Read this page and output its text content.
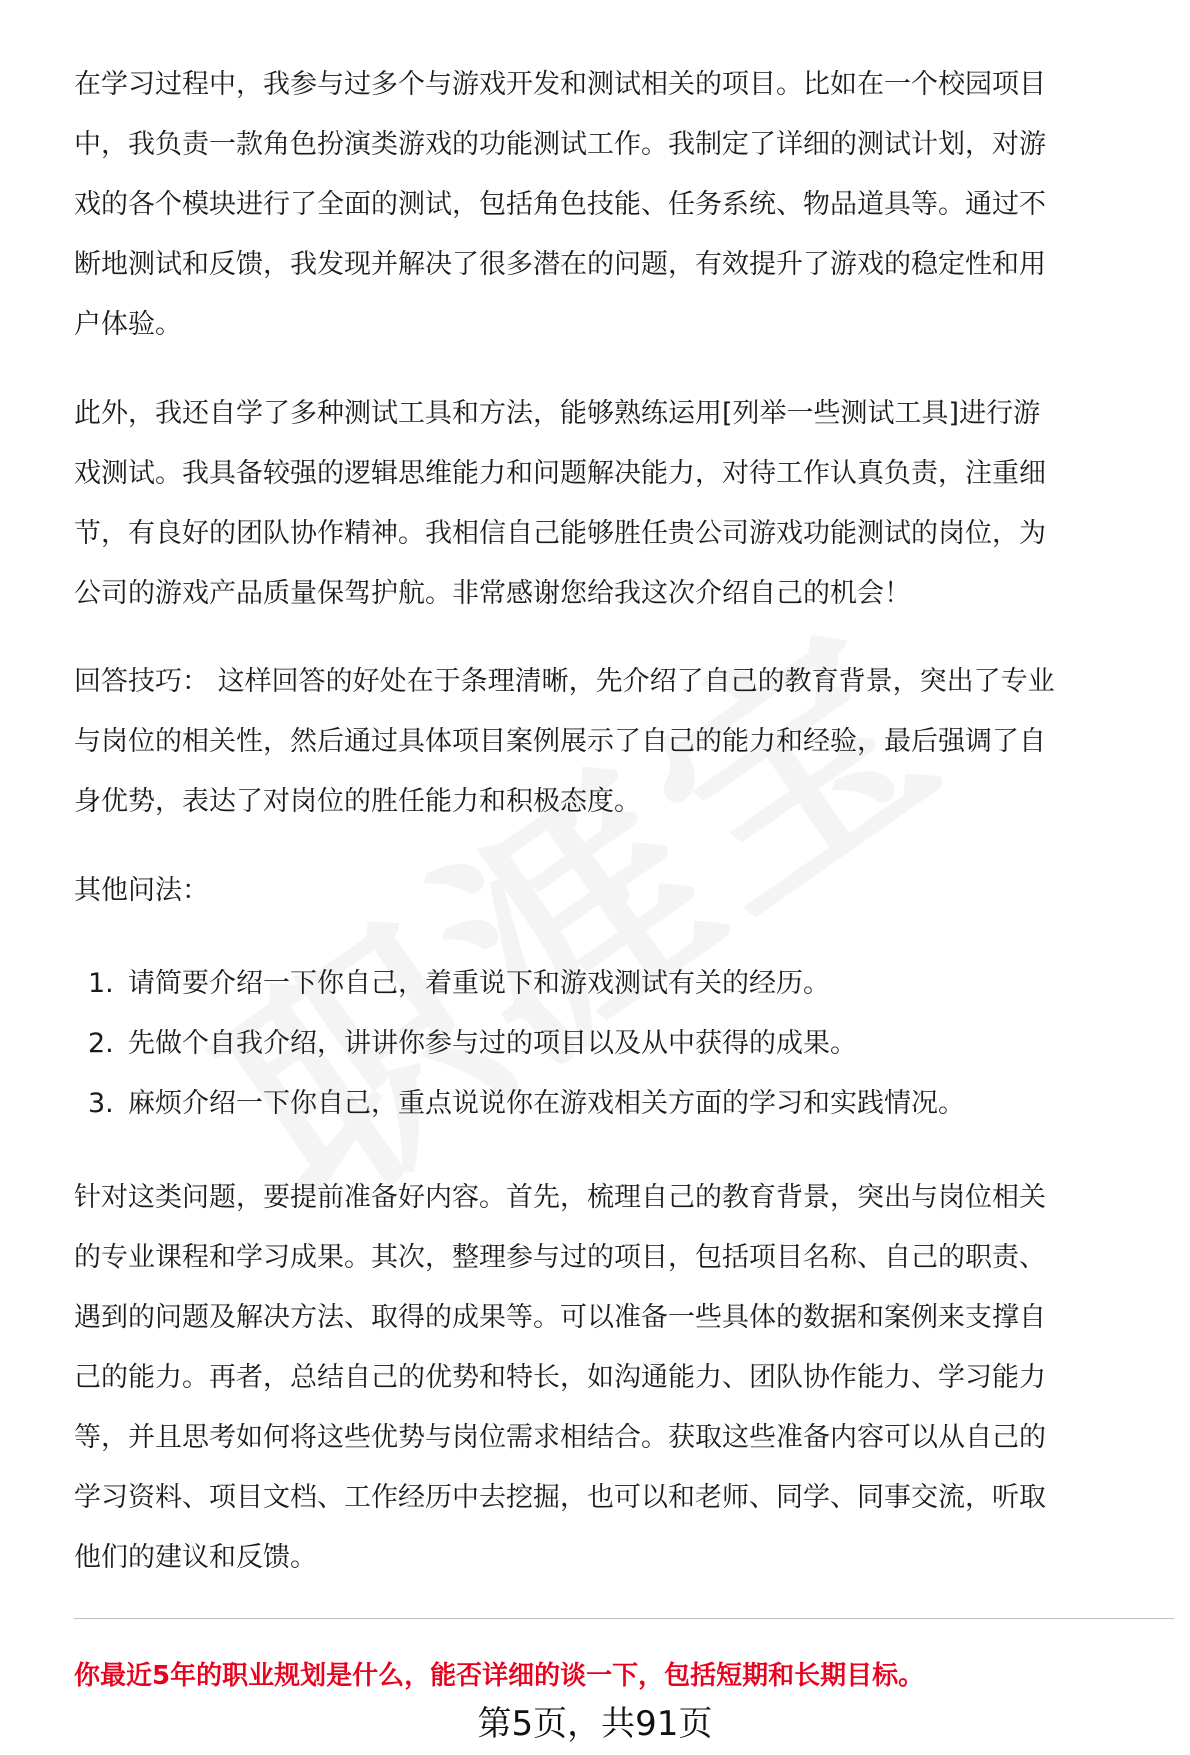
在学习过程中，我参与过多个与游戏开发和测试相关的项目。比如在一个校园项目
中，我负责一款角色扮演类游戏的功能测试工作。我制定了详细的测试计划，对游
戏的各个模块进行了全面的测试，包括角色技能、任务系统、物品道具等。通过不
断地测试和反馈，我发现并解决了很多潜在的问题，有效提升了游戏的稳定性和用
户体验。

此外，我还自学了多种测试工具和方法，能够熟练运用[列举一些测试工具]进行游
戏测试。我具备较强的逻辑思维能力和问题解决能力，对待工作认真负责，注重细
节，有良好的团队协作精神。我相信自己能够胜任贵公司游戏功能测试的岗位，为
公司的游戏产品质量保驾护航。非常感谢您给我这次介绍自己的机会！

回答技巧： 这样回答的好处在于条理清晰，先介绍了自己的教育背景，突出了专业
与岗位的相关性，然后通过具体项目案例展示了自己的能力和经验，最后强调了自
身优势，表达了对岗位的胜任能力和积极态度。

其他问法：

1. 请简要介绍一下你自己，着重说下和游戏测试有关的经历。
2. 先做个自我介绍，讲讲你参与过的项目以及从中获得的成果。
3. 麻烦介绍一下你自己，重点说说你在游戏相关方面的学习和实践情况。

针对这类问题，要提前准备好内容。首先，梳理自己的教育背景，突出与岗位相关
的专业课程和学习成果。其次，整理参与过的项目，包括项目名称、自己的职责、
遇到的问题及解决方法、取得的成果等。可以准备一些具体的数据和案例来支撑自
己的能力。再者，总结自己的优势和特长，如沟通能力、团队协作能力、学习能力
等，并且思考如何将这些优势与岗位需求相结合。获取这些准备内容可以从自己的
学习资料、项目文档、工作经历中去挖掘，也可以和老师、同学、同事交流，听取
他们的建议和反馈。

你最近5年的职业规划是什么，能否详细的谈一下，包括短期和长期目标。
第5页，共91页
